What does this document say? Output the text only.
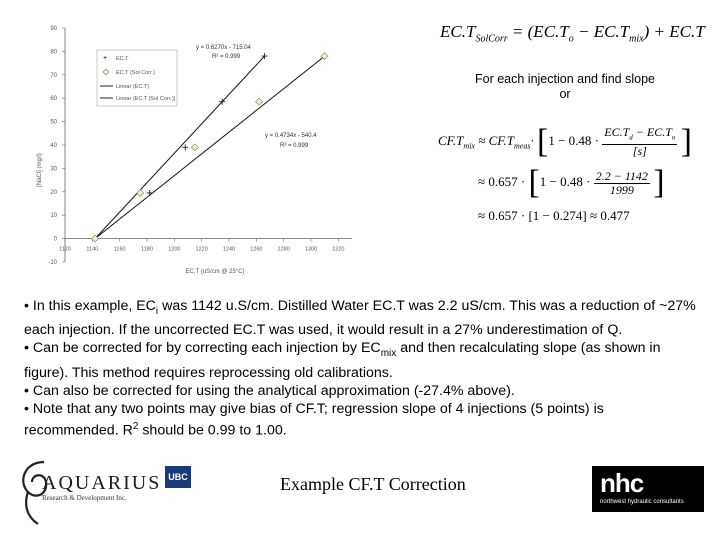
-10
0
10
20
30
40
50
60
70
80
90
1120	1140	1160	1180	1200	1220	1240	1260	1280	1300	1320
EC.T (uS/cm @ 25°C)
[NaCl] (mg/l)
+ EC.T
EC.T (Sol Corr.)
Linear (EC.T)
Linear (EC.T (Sol Corr.))
y = 0.6270x - 715.04
R² = 0.999
y = 0.4734x - 540.4
R² = 0.999
$EC.T_{SolCorr} = (EC.T_o - EC.T_{mix}) + EC.T$
For each injection and find slope
or
$CF.T_{mix} \approx CF.T_{meas}\cdot [1 - 0.48 \cdot \frac{EC.T_d - EC.T_o}{[s]}$ ]
≈ $0.657 \cdot [1 - 0.48 \cdot \frac{2.2 - 1142}{1999}$ ]
≈ 0.657 · [1 − 0.274] ≈ 0.477

• In this example, $EC_i$ was 1142 u.S/cm. Distilled Water EC.T was 2.2 uS/cm. This was a reduction of ~27% each injection. If the uncorrected EC.T was used, it would result in a 27% underestimation of Q.

• Can be corrected for by correcting each injection by $EC_{mix}$ and then recalculating slope (as shown in figure). This method requires reprocessing old calibrations.

• Can also be corrected for using the analytical approximation (-27.4% above).

• Note that any two points may give bias of CF.T; regression slope of 4 injections (5 points) is recommended. $R^2$ should be 0.99 to 1.00.

AQUARIUS
Research & Development Inc.
UBC	Example CF.T Correction	nhc
northwest hydraulic consultants
